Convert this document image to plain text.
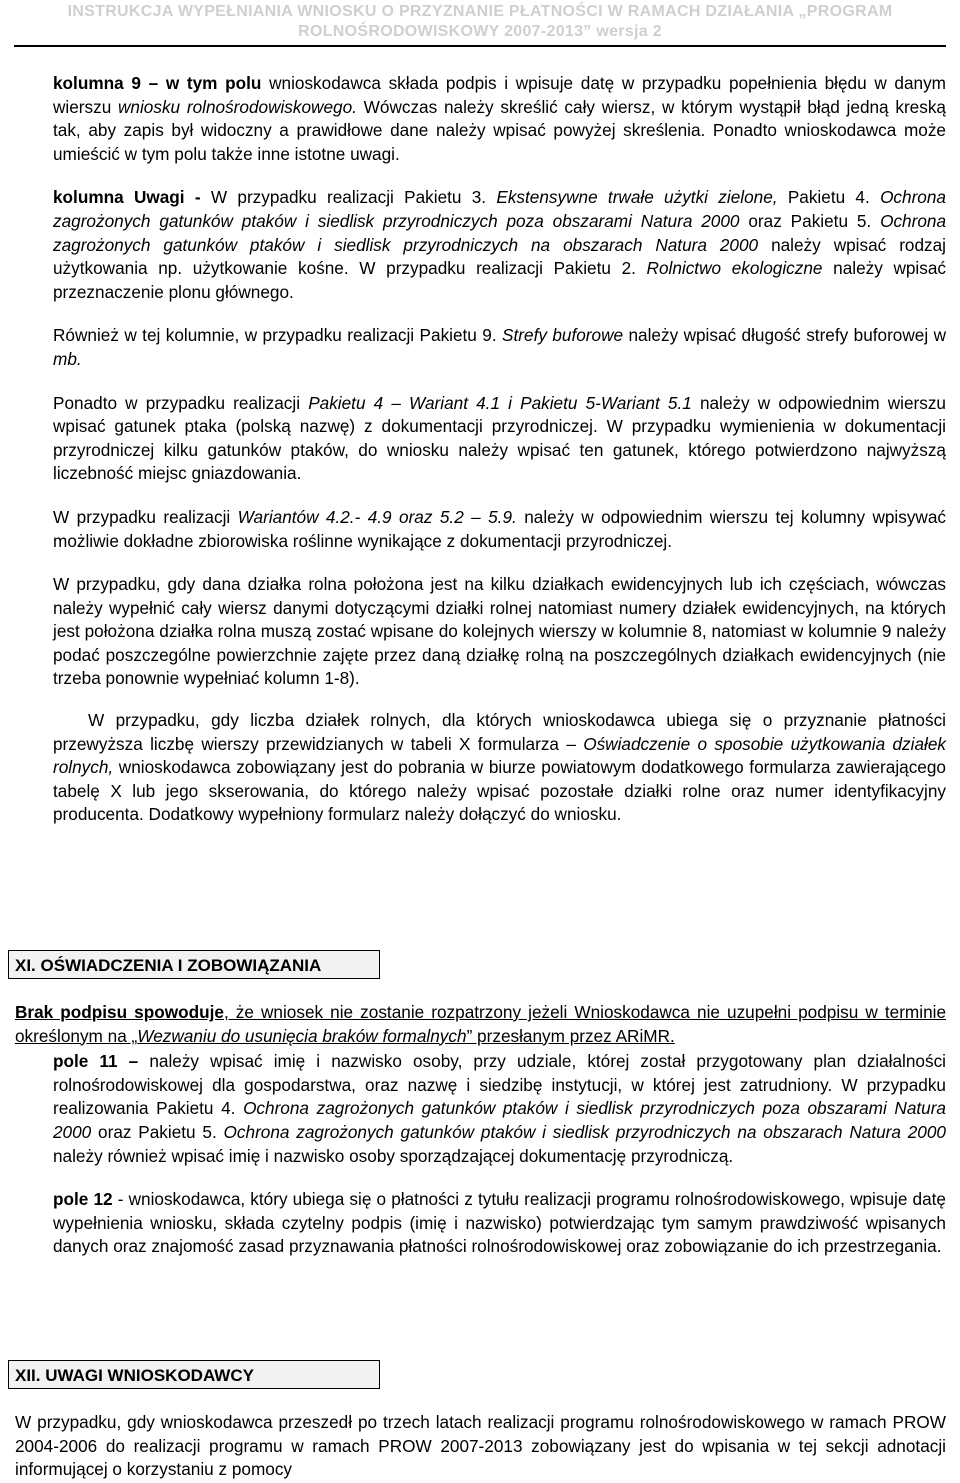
INSTRUKCJA WYPEŁNIANIA WNIOSKU O PRZYZNANIE PŁATNOŚCI W RAMACH DZIAŁANIA „PROGRAM
ROLNOŚRODOWISKOWY 2007-2013” wersja 2

kolumna 9 – w tym polu wnioskodawca składa podpis i wpisuje datę w przypadku popełnienia błędu w danym wierszu wniosku rolnośrodowiskowego. Wówczas należy skreślić cały wiersz, w którym wystąpił błąd jedną kreską tak, aby zapis był widoczny a prawidłowe dane należy wpisać powyżej skreślenia. Ponadto wnioskodawca może umieścić w tym polu także inne istotne uwagi.

kolumna Uwagi - W przypadku realizacji Pakietu 3. Ekstensywne trwałe użytki zielone, Pakietu 4. Ochrona zagrożonych gatunków ptaków i siedlisk przyrodniczych poza obszarami Natura 2000 oraz Pakietu 5. Ochrona zagrożonych gatunków ptaków i siedlisk przyrodniczych na obszarach Natura 2000 należy wpisać rodzaj użytkowania np. użytkowanie kośne. W przypadku realizacji Pakietu 2. Rolnictwo ekologiczne należy wpisać przeznaczenie plonu głównego.

Również w tej kolumnie, w przypadku realizacji Pakietu 9. Strefy buforowe należy wpisać długość strefy buforowej w mb.

Ponadto w przypadku realizacji Pakietu 4 – Wariant 4.1 i Pakietu 5-Wariant 5.1 należy w odpowiednim wierszu wpisać gatunek ptaka (polską nazwę) z dokumentacji przyrodniczej. W przypadku wymienienia w dokumentacji przyrodniczej kilku gatunków ptaków, do wniosku należy wpisać ten gatunek, którego potwierdzono najwyższą liczebność miejsc gniazdowania.

W przypadku realizacji Wariantów 4.2.- 4.9 oraz 5.2 – 5.9. należy w odpowiednim wierszu tej kolumny wpisywać możliwie dokładne zbiorowiska roślinne wynikające z dokumentacji przyrodniczej.

W przypadku, gdy dana działka rolna położona jest na kilku działkach ewidencyjnych lub ich częściach, wówczas należy wypełnić cały wiersz danymi dotyczącymi działki rolnej natomiast numery działek ewidencyjnych, na których jest położona działka rolna muszą zostać wpisane do kolejnych wierszy w kolumnie 8, natomiast w kolumnie 9 należy podać poszczególne powierzchnie zajęte przez daną działkę rolną na poszczególnych działkach ewidencyjnych (nie trzeba ponownie wypełniać kolumn 1-8).

W przypadku, gdy liczba działek rolnych, dla których wnioskodawca ubiega się o przyznanie płatności przewyższa liczbę wierszy przewidzianych w tabeli X formularza – Oświadczenie o sposobie użytkowania działek rolnych, wnioskodawca zobowiązany jest do pobrania w biurze powiatowym dodatkowego formularza zawierającego tabelę X lub jego skserowania, do którego należy wpisać pozostałe działki rolne oraz numer identyfikacyjny producenta. Dodatkowy wypełniony formularz należy dołączyć do wniosku.

XI. OŚWIADCZENIA I ZOBOWIĄZANIA

Brak podpisu spowoduje, że wniosek nie zostanie rozpatrzony jeżeli Wnioskodawca nie uzupełni podpisu w terminie określonym na „Wezwaniu do usunięcia braków formalnych” przesłanym przez ARiMR.

pole 11 – należy wpisać imię i nazwisko osoby, przy udziale, której został przygotowany plan działalności rolnośrodowiskowej dla gospodarstwa, oraz nazwę i siedzibę instytucji, w której jest zatrudniony. W przypadku realizowania Pakietu 4. Ochrona zagrożonych gatunków ptaków i siedlisk przyrodniczych poza obszarami Natura 2000 oraz Pakietu 5. Ochrona zagrożonych gatunków ptaków i siedlisk przyrodniczych na obszarach Natura 2000 należy również wpisać imię i nazwisko osoby sporządzającej dokumentację przyrodniczą.

pole 12 - wnioskodawca, który ubiega się o płatności z tytułu realizacji programu rolnośrodowiskowego, wpisuje datę wypełnienia wniosku, składa czytelny podpis (imię i nazwisko) potwierdzając tym samym prawdziwość wpisanych danych oraz znajomość zasad przyznawania płatności rolnośrodowiskowej oraz zobowiązanie do ich przestrzegania.

XII. UWAGI WNIOSKODAWCY

W przypadku, gdy wnioskodawca przeszedł po trzech latach realizacji programu rolnośrodowiskowego w ramach PROW 2004-2006 do realizacji programu w ramach PROW 2007-2013 zobowiązany jest do wpisania w tej sekcji adnotacji informującej o korzystaniu z pomocy
